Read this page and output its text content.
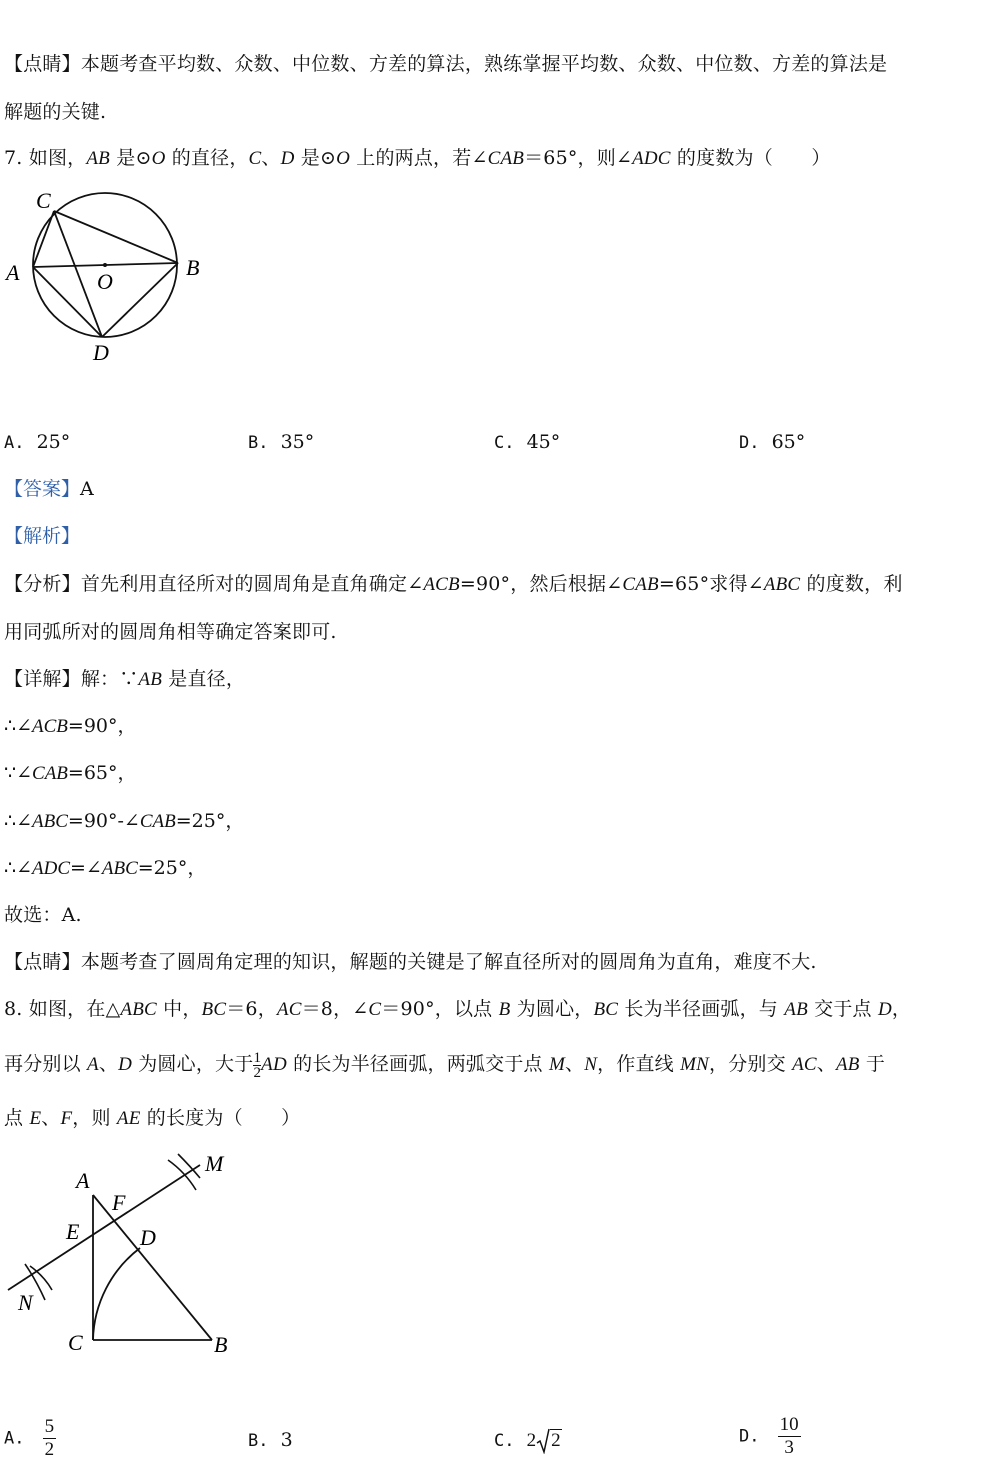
【点睛】本题考查平均数、众数、中位数、方差的算法，熟练掌握平均数、众数、中位数、方差的算法是
解题的关键.
7. 如图，AB 是⊙O 的直径，C、D 是⊙O 上的两点，若∠CAB＝65°，则∠ADC 的度数为（　　）
C
A	B
O
D
A. 25°	B. 35°	C. 45°	D. 65°
【答案】A
【解析】
【分析】首先利用直径所对的圆周角是直角确定∠ACB=90°，然后根据∠CAB=65°求得∠ABC 的度数，利
用同弧所对的圆周角相等确定答案即可.
【详解】解：∵AB 是直径，
∴∠ACB=90°，
∵∠CAB=65°，
∴∠ABC=90°-∠CAB=25°，
∴∠ADC=∠ABC=25°，
故选：A.
【点睛】本题考查了圆周角定理的知识，解题的关键是了解直径所对的圆周角为直角，难度不大.
8. 如图，在△ABC 中，BC＝6，AC＝8，∠C＝90°，以点 B 为圆心，BC 长为半径画弧，与 AB 交于点 D，
再分别以 A、D 为圆心，大于 $\frac{1}{2}$ AD 的长为半径画弧，两弧交于点 M、N，作直线 MN，分别交 AC、AB 于
点 E、F，则 AE 的长度为（　　）
A
F
M
E	D
N
C	B
A. $\frac{5}{2}$	B. 3	C. 2 2	D. $\frac{10}{3}$
